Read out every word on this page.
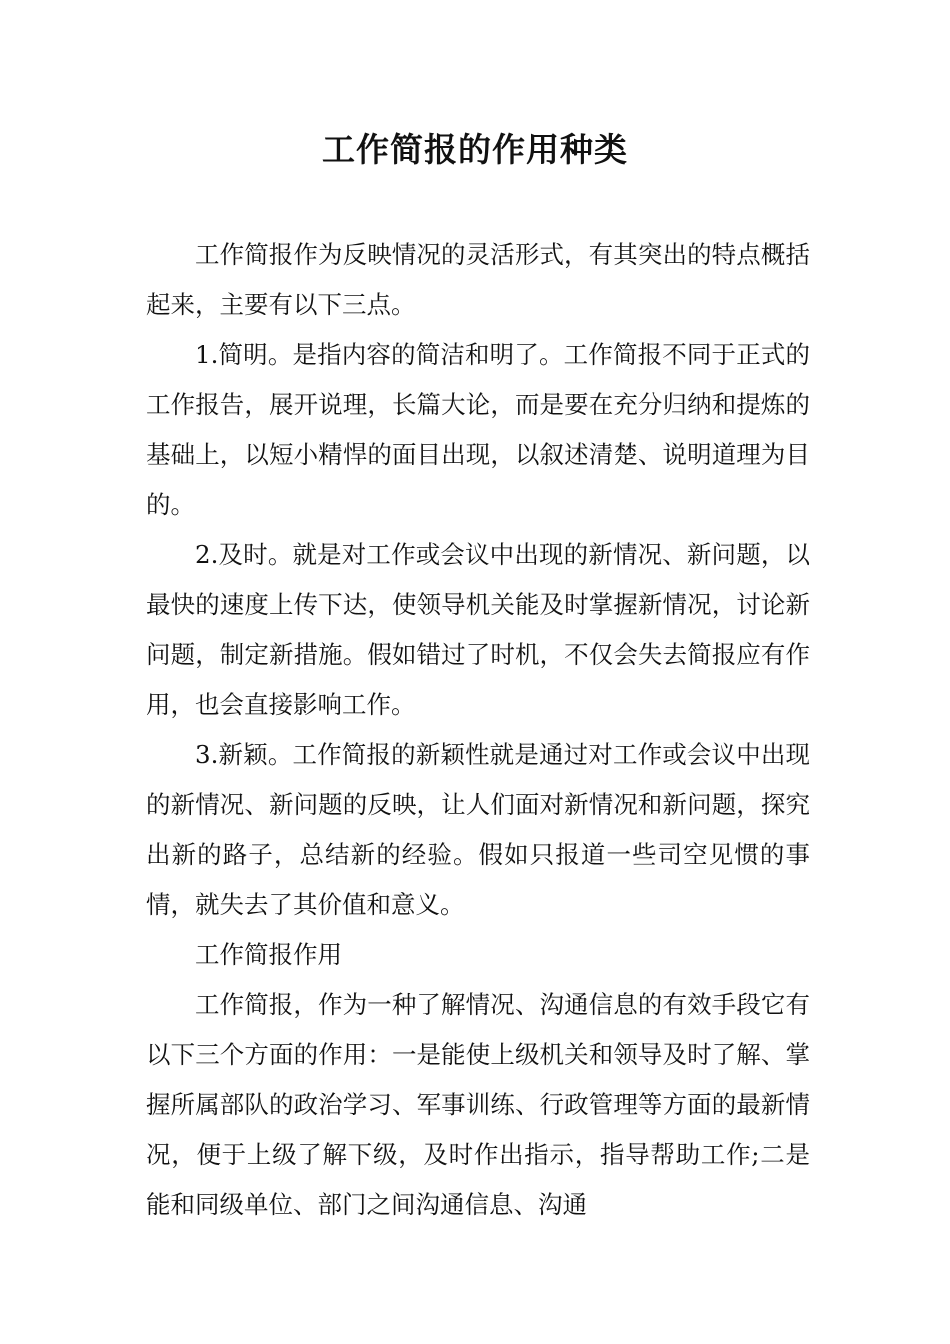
工作简报的作用种类

工作简报作为反映情况的灵活形式，有其突出的特点概括起来，主要有以下三点。

1.简明。是指内容的简洁和明了。工作简报不同于正式的工作报告，展开说理，长篇大论，而是要在充分归纳和提炼的基础上，以短小精悍的面目出现，以叙述清楚、说明道理为目的。

2.及时。就是对工作或会议中出现的新情况、新问题，以最快的速度上传下达，使领导机关能及时掌握新情况，讨论新问题，制定新措施。假如错过了时机，不仅会失去简报应有作用，也会直接影响工作。

3.新颖。工作简报的新颖性就是通过对工作或会议中出现的新情况、新问题的反映，让人们面对新情况和新问题，探究出新的路子，总结新的经验。假如只报道一些司空见惯的事情，就失去了其价值和意义。

工作简报作用

工作简报，作为一种了解情况、沟通信息的有效手段它有以下三个方面的作用：一是能使上级机关和领导及时了解、掌握所属部队的政治学习、军事训练、行政管理等方面的最新情况，便于上级了解下级，及时作出指示，指导帮助工作;二是能和同级单位、部门之间沟通信息、沟通
